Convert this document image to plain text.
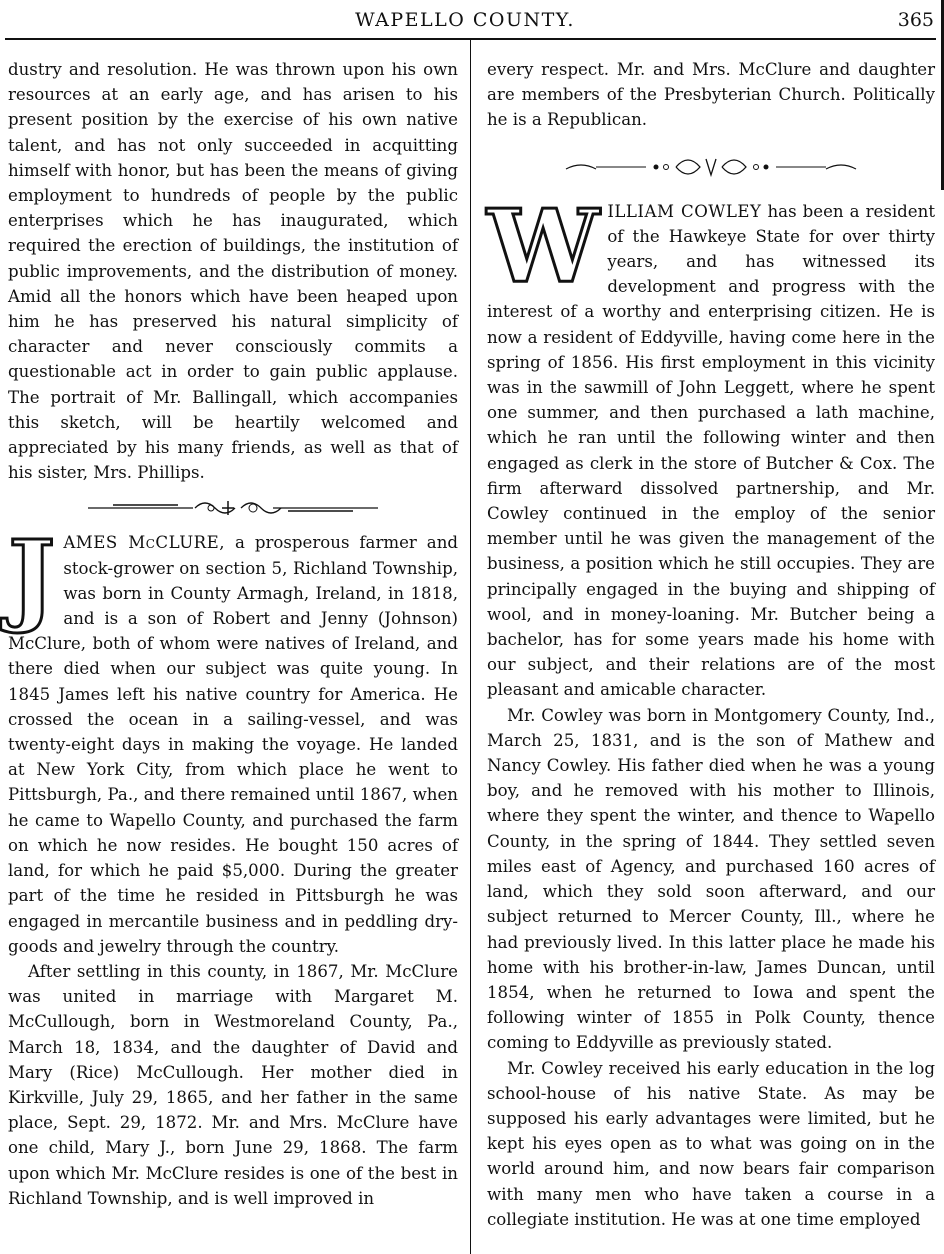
WAPELLO COUNTY.	365

dustry and resolution. He was thrown upon his own resources at an early age, and has arisen to his present position by the exercise of his own native talent, and has not only succeeded in acquitting himself with honor, but has been the means of giving employment to hundreds of people by the public enterprises which he has inaugurated, which required the erection of buildings, the institution of public improvements, and the distribution of money. Amid all the honors which have been heaped upon him he has preserved his natural simplicity of character and never consciously commits a questionable act in order to gain public applause. The portrait of Mr. Ballingall, which accompanies this sketch, will be heartily welcomed and appreciated by his many friends, as well as that of his sister, Mrs. Phillips.

JAMES McCLURE, a prosperous farmer and stock-grower on section 5, Richland Township, was born in County Armagh, Ireland, in 1818, and is a son of Robert and Jenny (Johnson) McClure, both of whom were natives of Ireland, and there died when our subject was quite young. In 1845 James left his native country for America. He crossed the ocean in a sailing-vessel, and was twenty-eight days in making the voyage. He landed at New York City, from which place he went to Pittsburgh, Pa., and there remained until 1867, when he came to Wapello County, and purchased the farm on which he now resides. He bought 150 acres of land, for which he paid $5,000. During the greater part of the time he resided in Pittsburgh he was engaged in mercantile business and in peddling dry-goods and jewelry through the country.

After settling in this county, in 1867, Mr. McClure was united in marriage with Margaret M. McCullough, born in Westmoreland County, Pa., March 18, 1834, and the daughter of David and Mary (Rice) McCullough. Her mother died in Kirkville, July 29, 1865, and her father in the same place, Sept. 29, 1872. Mr. and Mrs. McClure have one child, Mary J., born June 29, 1868. The farm upon which Mr. McClure resides is one of the best in Richland Township, and is well improved in

every respect. Mr. and Mrs. McClure and daughter are members of the Presbyterian Church. Politically he is a Republican.

WILLIAM COWLEY has been a resident of the Hawkeye State for over thirty years, and has witnessed its development and progress with the interest of a worthy and enterprising citizen. He is now a resident of Eddyville, having come here in the spring of 1856. His first employment in this vicinity was in the sawmill of John Leggett, where he spent one summer, and then purchased a lath machine, which he ran until the following winter and then engaged as clerk in the store of Butcher & Cox. The firm afterward dissolved partnership, and Mr. Cowley continued in the employ of the senior member until he was given the management of the business, a position which he still occupies. They are principally engaged in the buying and shipping of wool, and in money-loaning. Mr. Butcher being a bachelor, has for some years made his home with our subject, and their relations are of the most pleasant and amicable character.

Mr. Cowley was born in Montgomery County, Ind., March 25, 1831, and is the son of Mathew and Nancy Cowley. His father died when he was a young boy, and he removed with his mother to Illinois, where they spent the winter, and thence to Wapello County, in the spring of 1844. They settled seven miles east of Agency, and purchased 160 acres of land, which they sold soon afterward, and our subject returned to Mercer County, Ill., where he had previously lived. In this latter place he made his home with his brother-in-law, James Duncan, until 1854, when he returned to Iowa and spent the following winter of 1855 in Polk County, thence coming to Eddyville as previously stated.

Mr. Cowley received his early education in the log school-house of his native State. As may be supposed his early advantages were limited, but he kept his eyes open as to what was going on in the world around him, and now bears fair comparison with many men who have taken a course in a collegiate institution. He was at one time employed
